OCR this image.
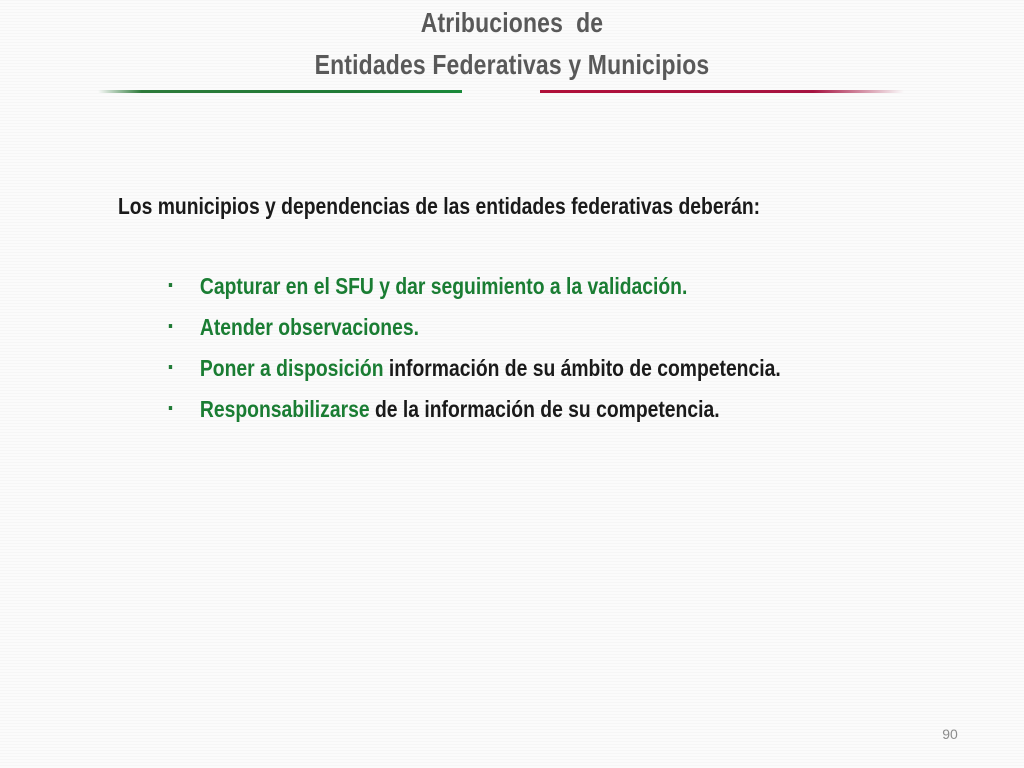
Atribuciones  de
Entidades Federativas y Municipios
Los municipios y dependencias de las entidades federativas deberán:
▪ Capturar en el SFU y dar seguimiento a la validación.
▪ Atender observaciones.
▪ Poner a disposición información de su ámbito de competencia.
▪ Responsabilizarse de la información de su competencia.
90
